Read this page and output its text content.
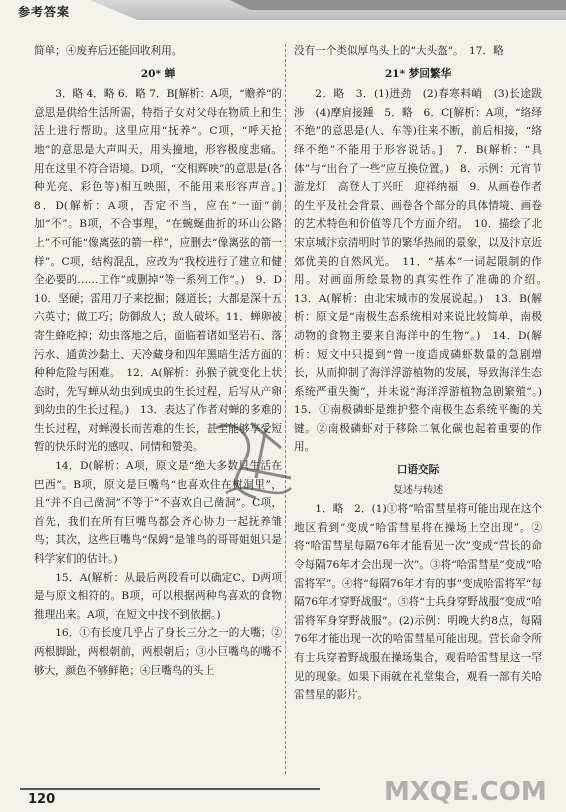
参考答案

简单；④废弃后还能回收利用。

20* 蝉

3．略 4．略 6．略 7．B[解析：A项，“赡养”的意思是供给生活所需，特指子女对父母在物质上和生活上进行帮助。这里应用“抚养”。C项，“呼天抢地”的意思是大声叫天，用头撞地，形容极度悲痛。用在这里不符合语境。D项，“交相辉映”的意思是(各种光亮、彩色等)相互映照，不能用来形容声音。]　8．D(解析：A项，否定不当，应在“一面”前加“不”。B项，不合事理，“在蜿蜒曲折的环山公路上”不可能“像离弦的箭一样”，应删去“像离弦的箭一样”。C项，结构混乱，应改为“我校进行了建立和健全必要的……工作”或删掉“等一系列工作”。)　9．D　10．坚硬；雷用刀子来挖掘；隧道长；大都是深十五六英寸；做工巧；防御敌人；敌人破坏。11．蝉卵被寄生蜂吃掉；幼虫落地之后，面临着诸如坚岩石、落污水、通黄沙黏土、天冷藏身和四年黑暗生活方面的种种危险与困难。　12．A(解析：孙猴子就变化上状态时，先写蝉从幼虫到成虫的生长过程，后写从产卵到幼虫的生长过程。)　13．表达了作者对蝉的多难的生长过程，对蝉漫长而苦难的生长，甚至能够享受短暂的快乐时光的感叹、同情和赞美。

14．D(解析：A项，原文是“绝大多数只生活在巴西”。B项，原文是巨嘴鸟“也喜欢住在树洞里”，且“并不自己凿洞”不等于“不喜欢自己凿洞”。C项，首先，我们在所有巨嘴鸟都会齐心协力一起抚养雏鸟；其次，这些巨嘴鸟“保姆”是雏鸟的哥哥姐姐只是科学家们的估计。)

15．A(解析：从最后两段看可以确定C、D两项是与原文相符的。B项，可以根据两种鸟喜欢的食物推理出来。A项，在短文中找不到依据。)

16．①有长度几乎占了身长三分之一的大嘴；②两根脚趾，两根朝前，两根朝后；③小巨嘴鸟的嘴不够大，颜色不够鲜艳；④巨嘴鸟的头上

没有一个类似厚鸟头上的“大头盔”。　17．略

21* 梦回繁华

2．略　3．(1)迸劲　(2)春寒料峭　(3)长途跋涉　(4)摩肩接踵　5．略　6．C[解析：A项，“络绎不绝”的意思是(人、车等)往来不断，前后相接，“络绎不绝”不能用于形容说话。]　7．B(解析：“具体”与“出台了一些”应互换位置。)　8．示例：元宵节游龙灯　高登人丁兴旺　迎祥纳福　9．从画卷作者的生平及社会背景、画卷各个部分的具体情境、画卷的艺术特色和价值等几个方面介绍。　10．描绘了北宋京城汴京清明时节的繁华热闹的景象，以及汴京近郊优美的自然风光。　11．“基本”一词起限制的作用。对画面所绘景物的真实性作了准确的介绍。　13．A(解析：由北宋城市的发展说起。)　13．B(解析：原文是“南极生态系统相对来说比较简单，南极动物的食物主要来自海洋中的生物”。)　14．D(解析：短文中只提到“曾一度造成磷虾数量的急剧增长，从而抑制了海洋浮游植物的发展，导致海洋生态系统严重失衡”，并未说“海洋浮游植物急剧繁殖”。)　15．①南极磷虾是维护整个南极生态系统平衡的关键。②南极磷虾对于移除二氧化碳也起着重要的作用。

口语交际

复述与转述

1．略　2．(1)①将“哈雷彗星将可能出现在这个地区看到”变成“哈雷彗星将在操场上空出现”。②将“哈雷彗星每隔76年才能看见一次”变成“营长的命令每隔76年才会出现一次”。③将“哈雷彗星”变成“哈雷将军”。④将“每隔76年才有的事”变成哈雷将军“每隔76年才穿野战服”。⑤将“士兵身穿野战服”变成“哈雷将军身穿野战服”。(2)示例：明晚大约8点，每隔76年才能出现一次的哈雷彗星可能出现。营长命令所有士兵穿着野战服在操场集合，观看哈雷彗星这一罕见的现象。如果下雨就在礼堂集合，观看一部有关哈雷彗星的影片。

MXQE.COM
120
